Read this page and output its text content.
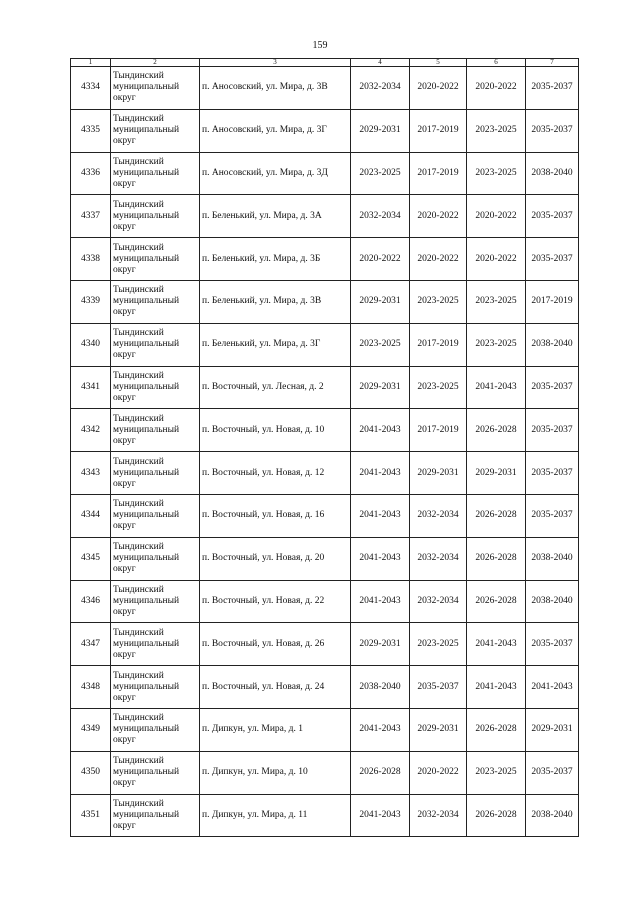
159
1	2	3	4	5	6	7
4334	Тындинский муниципальный округ	п. Аносовский, ул. Мира, д. 3В	2032-2034	2020-2022	2020-2022	2035-2037
4335	Тындинский муниципальный округ	п. Аносовский, ул. Мира, д. 3Г	2029-2031	2017-2019	2023-2025	2035-2037
4336	Тындинский муниципальный округ	п. Аносовский, ул. Мира, д. 3Д	2023-2025	2017-2019	2023-2025	2038-2040
4337	Тындинский муниципальный округ	п. Беленький, ул. Мира, д. 3А	2032-2034	2020-2022	2020-2022	2035-2037
4338	Тындинский муниципальный округ	п. Беленький, ул. Мира, д. 3Б	2020-2022	2020-2022	2020-2022	2035-2037
4339	Тындинский муниципальный округ	п. Беленький, ул. Мира, д. 3В	2029-2031	2023-2025	2023-2025	2017-2019
4340	Тындинский муниципальный округ	п. Беленький, ул. Мира, д. 3Г	2023-2025	2017-2019	2023-2025	2038-2040
4341	Тындинский муниципальный округ	п. Восточный, ул. Лесная, д. 2	2029-2031	2023-2025	2041-2043	2035-2037
4342	Тындинский муниципальный округ	п. Восточный, ул. Новая, д. 10	2041-2043	2017-2019	2026-2028	2035-2037
4343	Тындинский муниципальный округ	п. Восточный, ул. Новая, д. 12	2041-2043	2029-2031	2029-2031	2035-2037
4344	Тындинский муниципальный округ	п. Восточный, ул. Новая, д. 16	2041-2043	2032-2034	2026-2028	2035-2037
4345	Тындинский муниципальный округ	п. Восточный, ул. Новая, д. 20	2041-2043	2032-2034	2026-2028	2038-2040
4346	Тындинский муниципальный округ	п. Восточный, ул. Новая, д. 22	2041-2043	2032-2034	2026-2028	2038-2040
4347	Тындинский муниципальный округ	п. Восточный, ул. Новая, д. 26	2029-2031	2023-2025	2041-2043	2035-2037
4348	Тындинский муниципальный округ	п. Восточный, ул. Новая, д. 24	2038-2040	2035-2037	2041-2043	2041-2043
4349	Тындинский муниципальный округ	п. Дипкун, ул. Мира, д. 1	2041-2043	2029-2031	2026-2028	2029-2031
4350	Тындинский муниципальный округ	п. Дипкун, ул. Мира, д. 10	2026-2028	2020-2022	2023-2025	2035-2037
4351	Тындинский муниципальный округ	п. Дипкун, ул. Мира, д. 11	2041-2043	2032-2034	2026-2028	2038-2040
